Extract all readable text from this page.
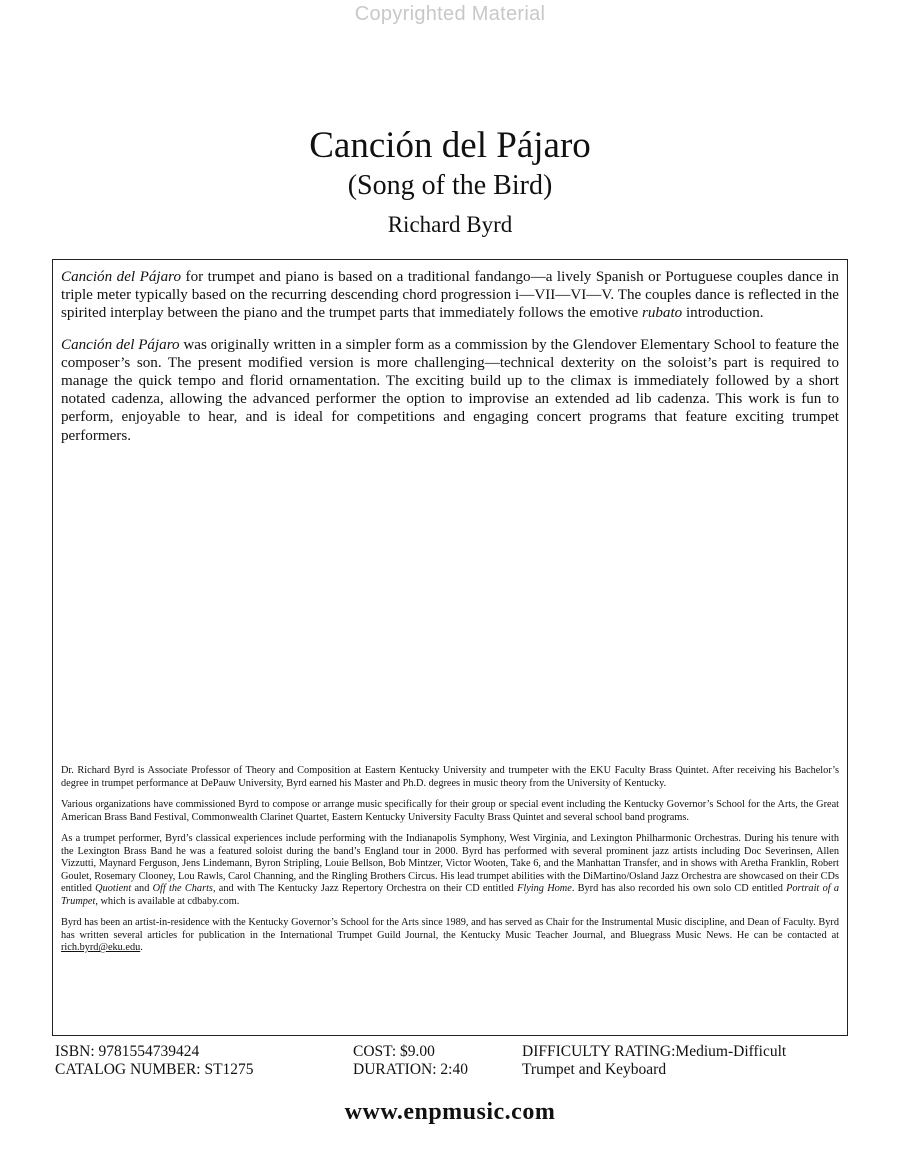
Copyrighted Material
Canción del Pájaro
(Song of the Bird)
Richard Byrd

Canción del Pájaro for trumpet and piano is based on a traditional fandango—a lively Spanish or Portuguese couples dance in triple meter typically based on the recurring descending chord progression i—VII—VI—V. The couples dance is reflected in the spirited interplay between the piano and the trumpet parts that immediately follows the emotive rubato introduction.

Canción del Pájaro was originally written in a simpler form as a commission by the Glendover Elementary School to feature the composer’s son. The present modified version is more challenging—technical dexterity on the soloist’s part is required to manage the quick tempo and florid ornamentation. The exciting build up to the climax is immediately followed by a short notated cadenza, allowing the advanced performer the option to improvise an extended ad lib cadenza. This work is fun to perform, enjoyable to hear, and is ideal for competitions and engaging concert programs that feature exciting trumpet performers.

Dr. Richard Byrd is Associate Professor of Theory and Composition at Eastern Kentucky University and trumpeter with the EKU Faculty Brass Quintet. After receiving his Bachelor’s degree in trumpet performance at DePauw University, Byrd earned his Master and Ph.D. degrees in music theory from the University of Kentucky.

Various organizations have commissioned Byrd to compose or arrange music specifically for their group or special event including the Kentucky Governor’s School for the Arts, the Great American Brass Band Festival, Commonwealth Clarinet Quartet, Eastern Kentucky University Faculty Brass Quintet and several school band programs.

As a trumpet performer, Byrd’s classical experiences include performing with the Indianapolis Symphony, West Virginia, and Lexington Philharmonic Orchestras. During his tenure with the Lexington Brass Band he was a featured soloist during the band’s England tour in 2000. Byrd has performed with several prominent jazz artists including Doc Severinsen, Allen Vizzutti, Maynard Ferguson, Jens Lindemann, Byron Stripling, Louie Bellson, Bob Mintzer, Victor Wooten, Take 6, and the Manhattan Transfer, and in shows with Aretha Franklin, Robert Goulet, Rosemary Clooney, Lou Rawls, Carol Channing, and the Ringling Brothers Circus. His lead trumpet abilities with the DiMartino/Osland Jazz Orchestra are showcased on their CDs entitled Quotient and Off the Charts, and with The Kentucky Jazz Repertory Orchestra on their CD entitled Flying Home. Byrd has also recorded his own solo CD entitled Portrait of a Trumpet, which is available at cdbaby.com.

Byrd has been an artist-in-residence with the Kentucky Governor’s School for the Arts since 1989, and has served as Chair for the Instrumental Music discipline, and Dean of Faculty. Byrd has written several articles for publication in the International Trumpet Guild Journal, the Kentucky Music Teacher Journal, and Bluegrass Music News. He can be contacted at rich.byrd@eku.edu.

ISBN: 9781554739424
CATALOG NUMBER: ST1275
COST: $9.00
DURATION: 2:40
DIFFICULTY RATING:Medium-Difficult
Trumpet and Keyboard
www.enpmusic.com
